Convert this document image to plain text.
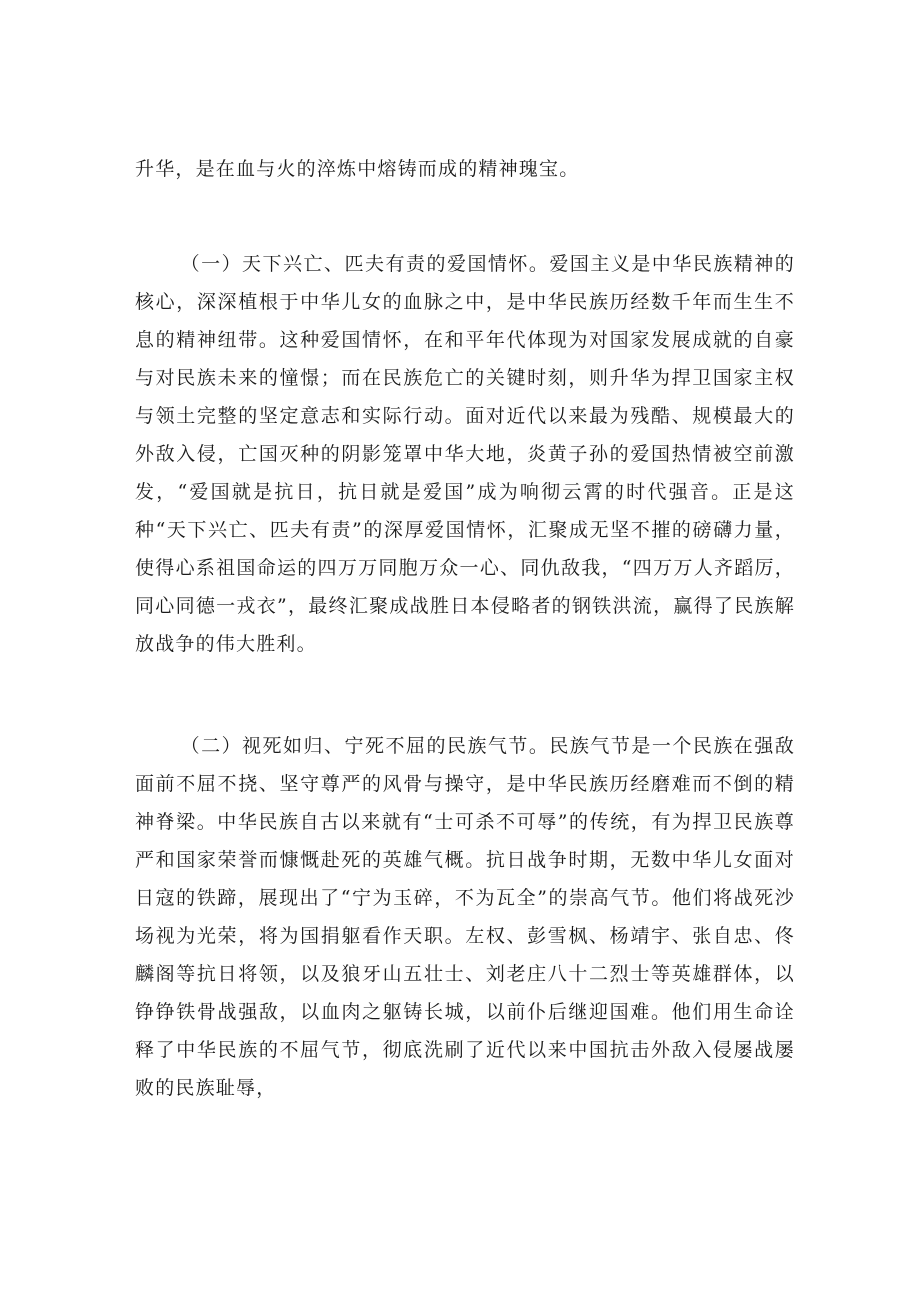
升华，是在血与火的淬炼中熔铸而成的精神瑰宝。

（一）天下兴亡、匹夫有责的爱国情怀。爱国主义是中华民族精神的核心，深深植根于中华儿女的血脉之中，是中华民族历经数千年而生生不息的精神纽带。这种爱国情怀，在和平年代体现为对国家发展成就的自豪与对民族未来的憧憬；而在民族危亡的关键时刻，则升华为捍卫国家主权与领土完整的坚定意志和实际行动。面对近代以来最为残酷、规模最大的外敌入侵，亡国灭种的阴影笼罩中华大地，炎黄子孙的爱国热情被空前激发，“爱国就是抗日，抗日就是爱国”成为响彻云霄的时代强音。正是这种“天下兴亡、匹夫有责”的深厚爱国情怀，汇聚成无坚不摧的磅礴力量，使得心系祖国命运的四万万同胞万众一心、同仇敌我，“四万万人齐蹈厉，同心同德一戎衣”，最终汇聚成战胜日本侵略者的钢铁洪流，赢得了民族解放战争的伟大胜利。

（二）视死如归、宁死不屈的民族气节。民族气节是一个民族在强敌面前不屈不挠、坚守尊严的风骨与操守，是中华民族历经磨难而不倒的精神脊梁。中华民族自古以来就有“士可杀不可辱”的传统，有为捍卫民族尊严和国家荣誉而慷慨赴死的英雄气概。抗日战争时期，无数中华儿女面对日寇的铁蹄，展现出了“宁为玉碎，不为瓦全”的崇高气节。他们将战死沙场视为光荣，将为国捐躯看作天职。左权、彭雪枫、杨靖宇、张自忠、佟麟阁等抗日将领，以及狼牙山五壮士、刘老庄八十二烈士等英雄群体，以铮铮铁骨战强敌，以血肉之躯铸长城，以前仆后继迎国难。他们用生命诠释了中华民族的不屈气节，彻底洗刷了近代以来中国抗击外敌入侵屡战屡败的民族耻辱，
